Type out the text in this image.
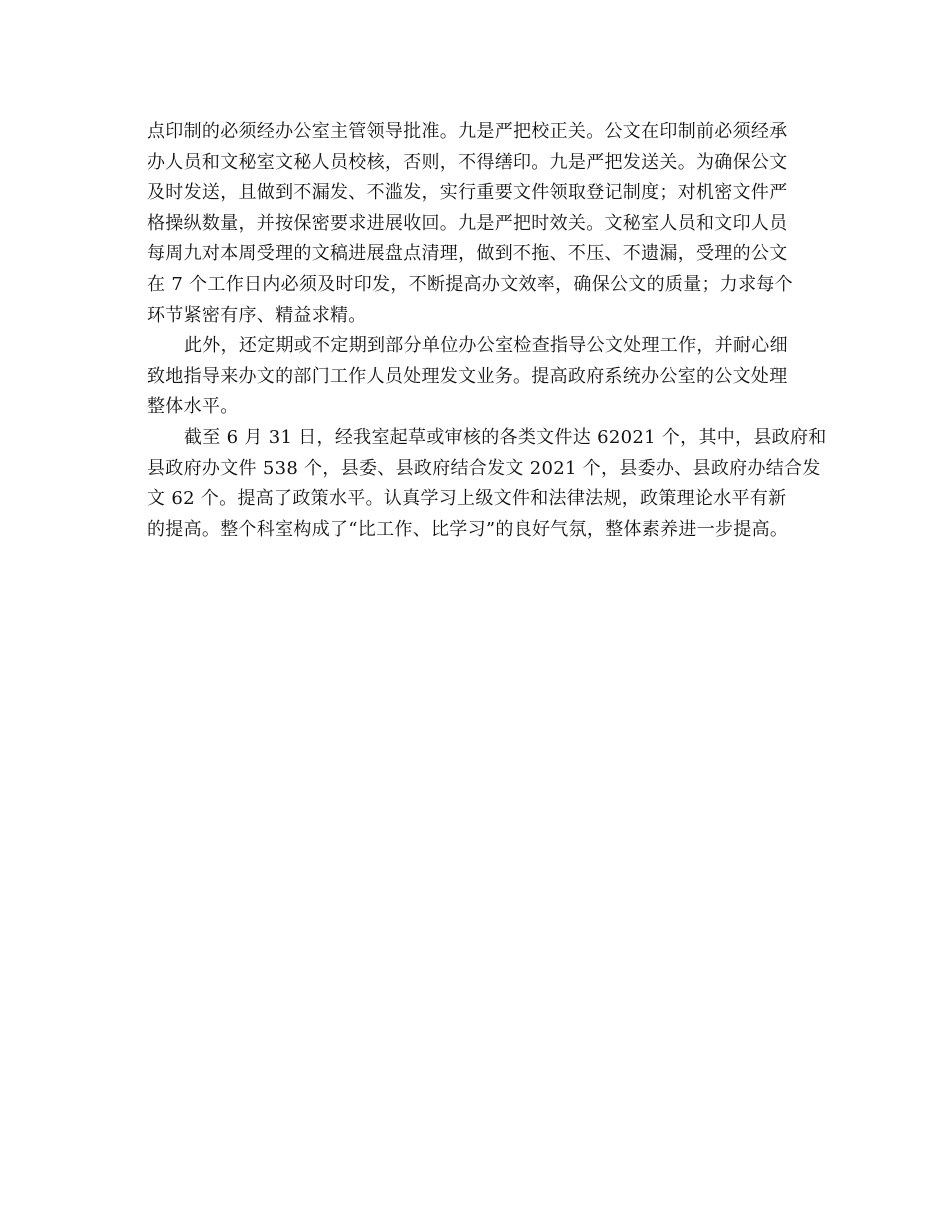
点印制的必须经办公室主管领导批准。九是严把校正关。公文在印制前必须经承
办人员和文秘室文秘人员校核，否则，不得缮印。九是严把发送关。为确保公文
及时发送，且做到不漏发、不滥发，实行重要文件领取登记制度；对机密文件严
格操纵数量，并按保密要求进展收回。九是严把时效关。文秘室人员和文印人员
每周九对本周受理的文稿进展盘点清理，做到不拖、不压、不遗漏，受理的公文
在 7 个工作日内必须及时印发，不断提高办文效率，确保公文的质量；力求每个
环节紧密有序、精益求精。
此外，还定期或不定期到部分单位办公室检查指导公文处理工作，并耐心细
致地指导来办文的部门工作人员处理发文业务。提高政府系统办公室的公文处理
整体水平。
截至 6 月 31 日，经我室起草或审核的各类文件达 62021 个，其中，县政府和
县政府办文件 538 个，县委、县政府结合发文 2021 个，县委办、县政府办结合发
文 62 个。提高了政策水平。认真学习上级文件和法律法规，政策理论水平有新
的提高。整个科室构成了“比工作、比学习”的良好气氛，整体素养进一步提高。
